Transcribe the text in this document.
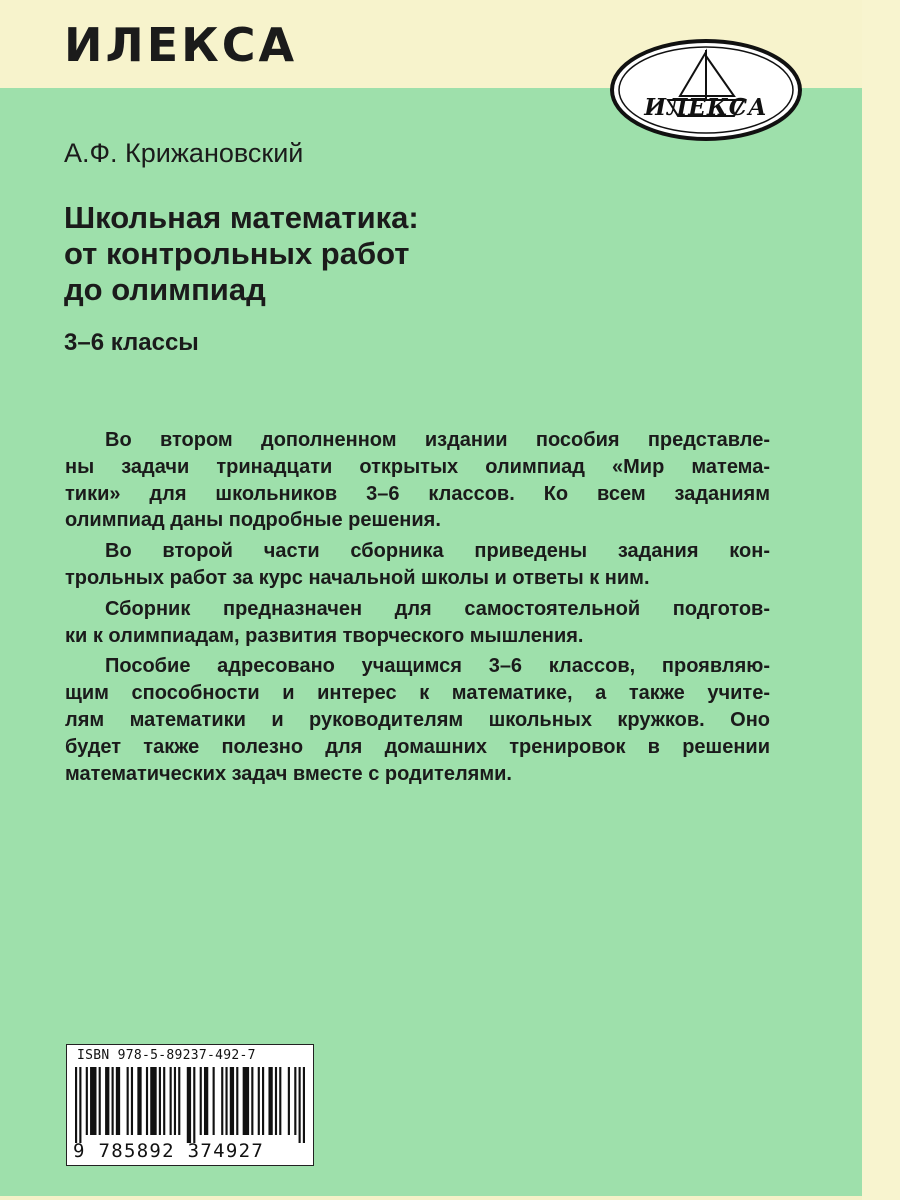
ИЛЕКСА
ИЛЕКСА

А.Ф. Крижановский

Школьная математика:
от контрольных работ
до олимпиад

3–6 классы

Во втором дополненном издании пособия представле-
ны задачи тринадцати открытых олимпиад «Мир матема-
тики» для школьников 3–6 классов. Ко всем заданиям
олимпиад даны подробные решения.

Во второй части сборника приведены задания кон-
трольных работ за курс начальной школы и ответы к ним.

Сборник предназначен для самостоятельной подготов-
ки к олимпиадам, развития творческого мышления.

Пособие адресовано учащимся 3–6 классов, проявляю-
щим способности и интерес к математике, а также учите-
лям математики и руководителям школьных кружков. Оно
будет также полезно для домашних тренировок в решении
математических задач вместе с родителями.

ISBN 978-5-89237-492-7
9 785892 374927
